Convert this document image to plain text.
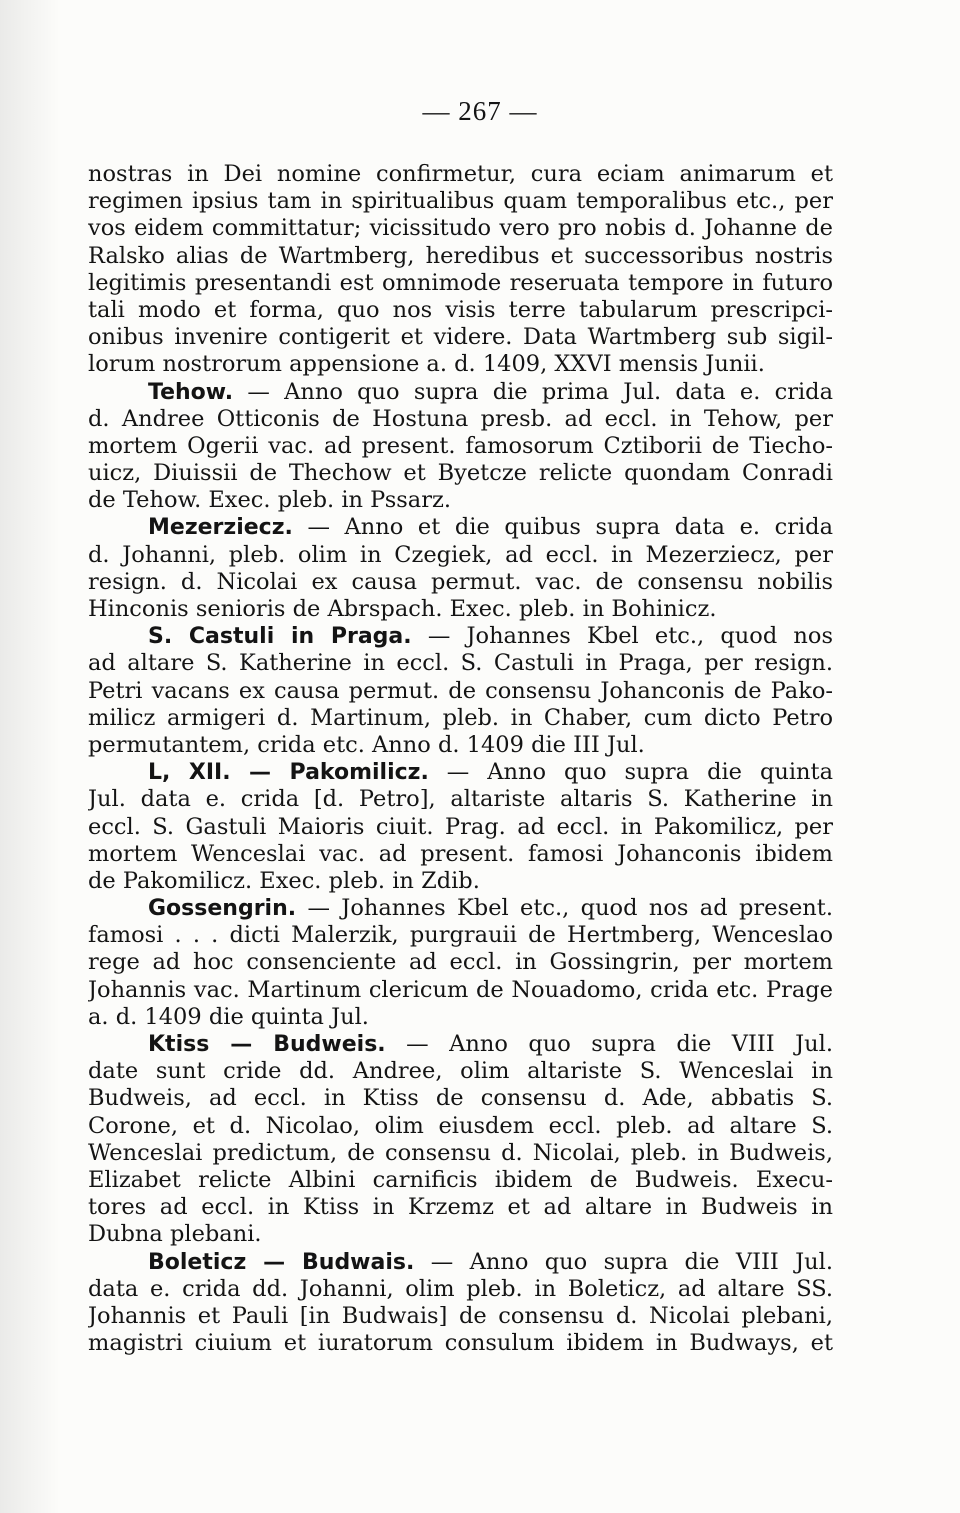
— 267 —
nostras in Dei nomine confirmetur, cura eciam animarum et
regimen ipsius tam in spiritualibus quam temporalibus etc., per
vos eidem committatur; vicissitudo vero pro nobis d. Johanne de
Ralsko alias de Wartmberg, heredibus et successoribus nostris
legitimis presentandi est omnimode reseruata tempore in futuro
tali modo et forma, quo nos visis terre tabularum prescripci-
onibus invenire contigerit et videre. Data Wartmberg sub sigil-
lorum nostrorum appensione a. d. 1409, XXVI mensis Junii.
Tehow. — Anno quo supra die prima Jul. data e. crida
d. Andree Otticonis de Hostuna presb. ad eccl. in Tehow, per
mortem Ogerii vac. ad present. famosorum Cztiborii de Tiecho-
uicz, Diuissii de Thechow et Byetcze relicte quondam Conradi
de Tehow. Exec. pleb. in Pssarz.
Mezerziecz. — Anno et die quibus supra data e. crida
d. Johanni, pleb. olim in Czegiek, ad eccl. in Mezerziecz, per
resign. d. Nicolai ex causa permut. vac. de consensu nobilis
Hinconis senioris de Abrspach. Exec. pleb. in Bohinicz.
S. Castuli in Praga. — Johannes Kbel etc., quod nos
ad altare S. Katherine in eccl. S. Castuli in Praga, per resign.
Petri vacans ex causa permut. de consensu Johanconis de Pako-
milicz armigeri d. Martinum, pleb. in Chaber, cum dicto Petro
permutantem, crida etc. Anno d. 1409 die III Jul.
L, XII. — Pakomilicz. — Anno quo supra die quinta
Jul. data e. crida [d. Petro], altariste altaris S. Katherine in
eccl. S. Gastuli Maioris ciuit. Prag. ad eccl. in Pakomilicz, per
mortem Wenceslai vac. ad present. famosi Johanconis ibidem
de Pakomilicz. Exec. pleb. in Zdib.
Gossengrin. — Johannes Kbel etc., quod nos ad present.
famosi . . . dicti Malerzik, purgrauii de Hertmberg, Wenceslao
rege ad hoc consenciente ad eccl. in Gossingrin, per mortem
Johannis vac. Martinum clericum de Nouadomo, crida etc. Prage
a. d. 1409 die quinta Jul.
Ktiss — Budweis. — Anno quo supra die VIII Jul.
date sunt cride dd. Andree, olim altariste S. Wenceslai in
Budweis, ad eccl. in Ktiss de consensu d. Ade, abbatis S.
Corone, et d. Nicolao, olim eiusdem eccl. pleb. ad altare S.
Wenceslai predictum, de consensu d. Nicolai, pleb. in Budweis,
Elizabet relicte Albini carnificis ibidem de Budweis. Execu-
tores ad eccl. in Ktiss in Krzemz et ad altare in Budweis in
Dubna plebani.
Boleticz — Budwais. — Anno quo supra die VIII Jul.
data e. crida dd. Johanni, olim pleb. in Boleticz, ad altare SS.
Johannis et Pauli [in Budwais] de consensu d. Nicolai plebani,
magistri ciuium et iuratorum consulum ibidem in Budways, et
